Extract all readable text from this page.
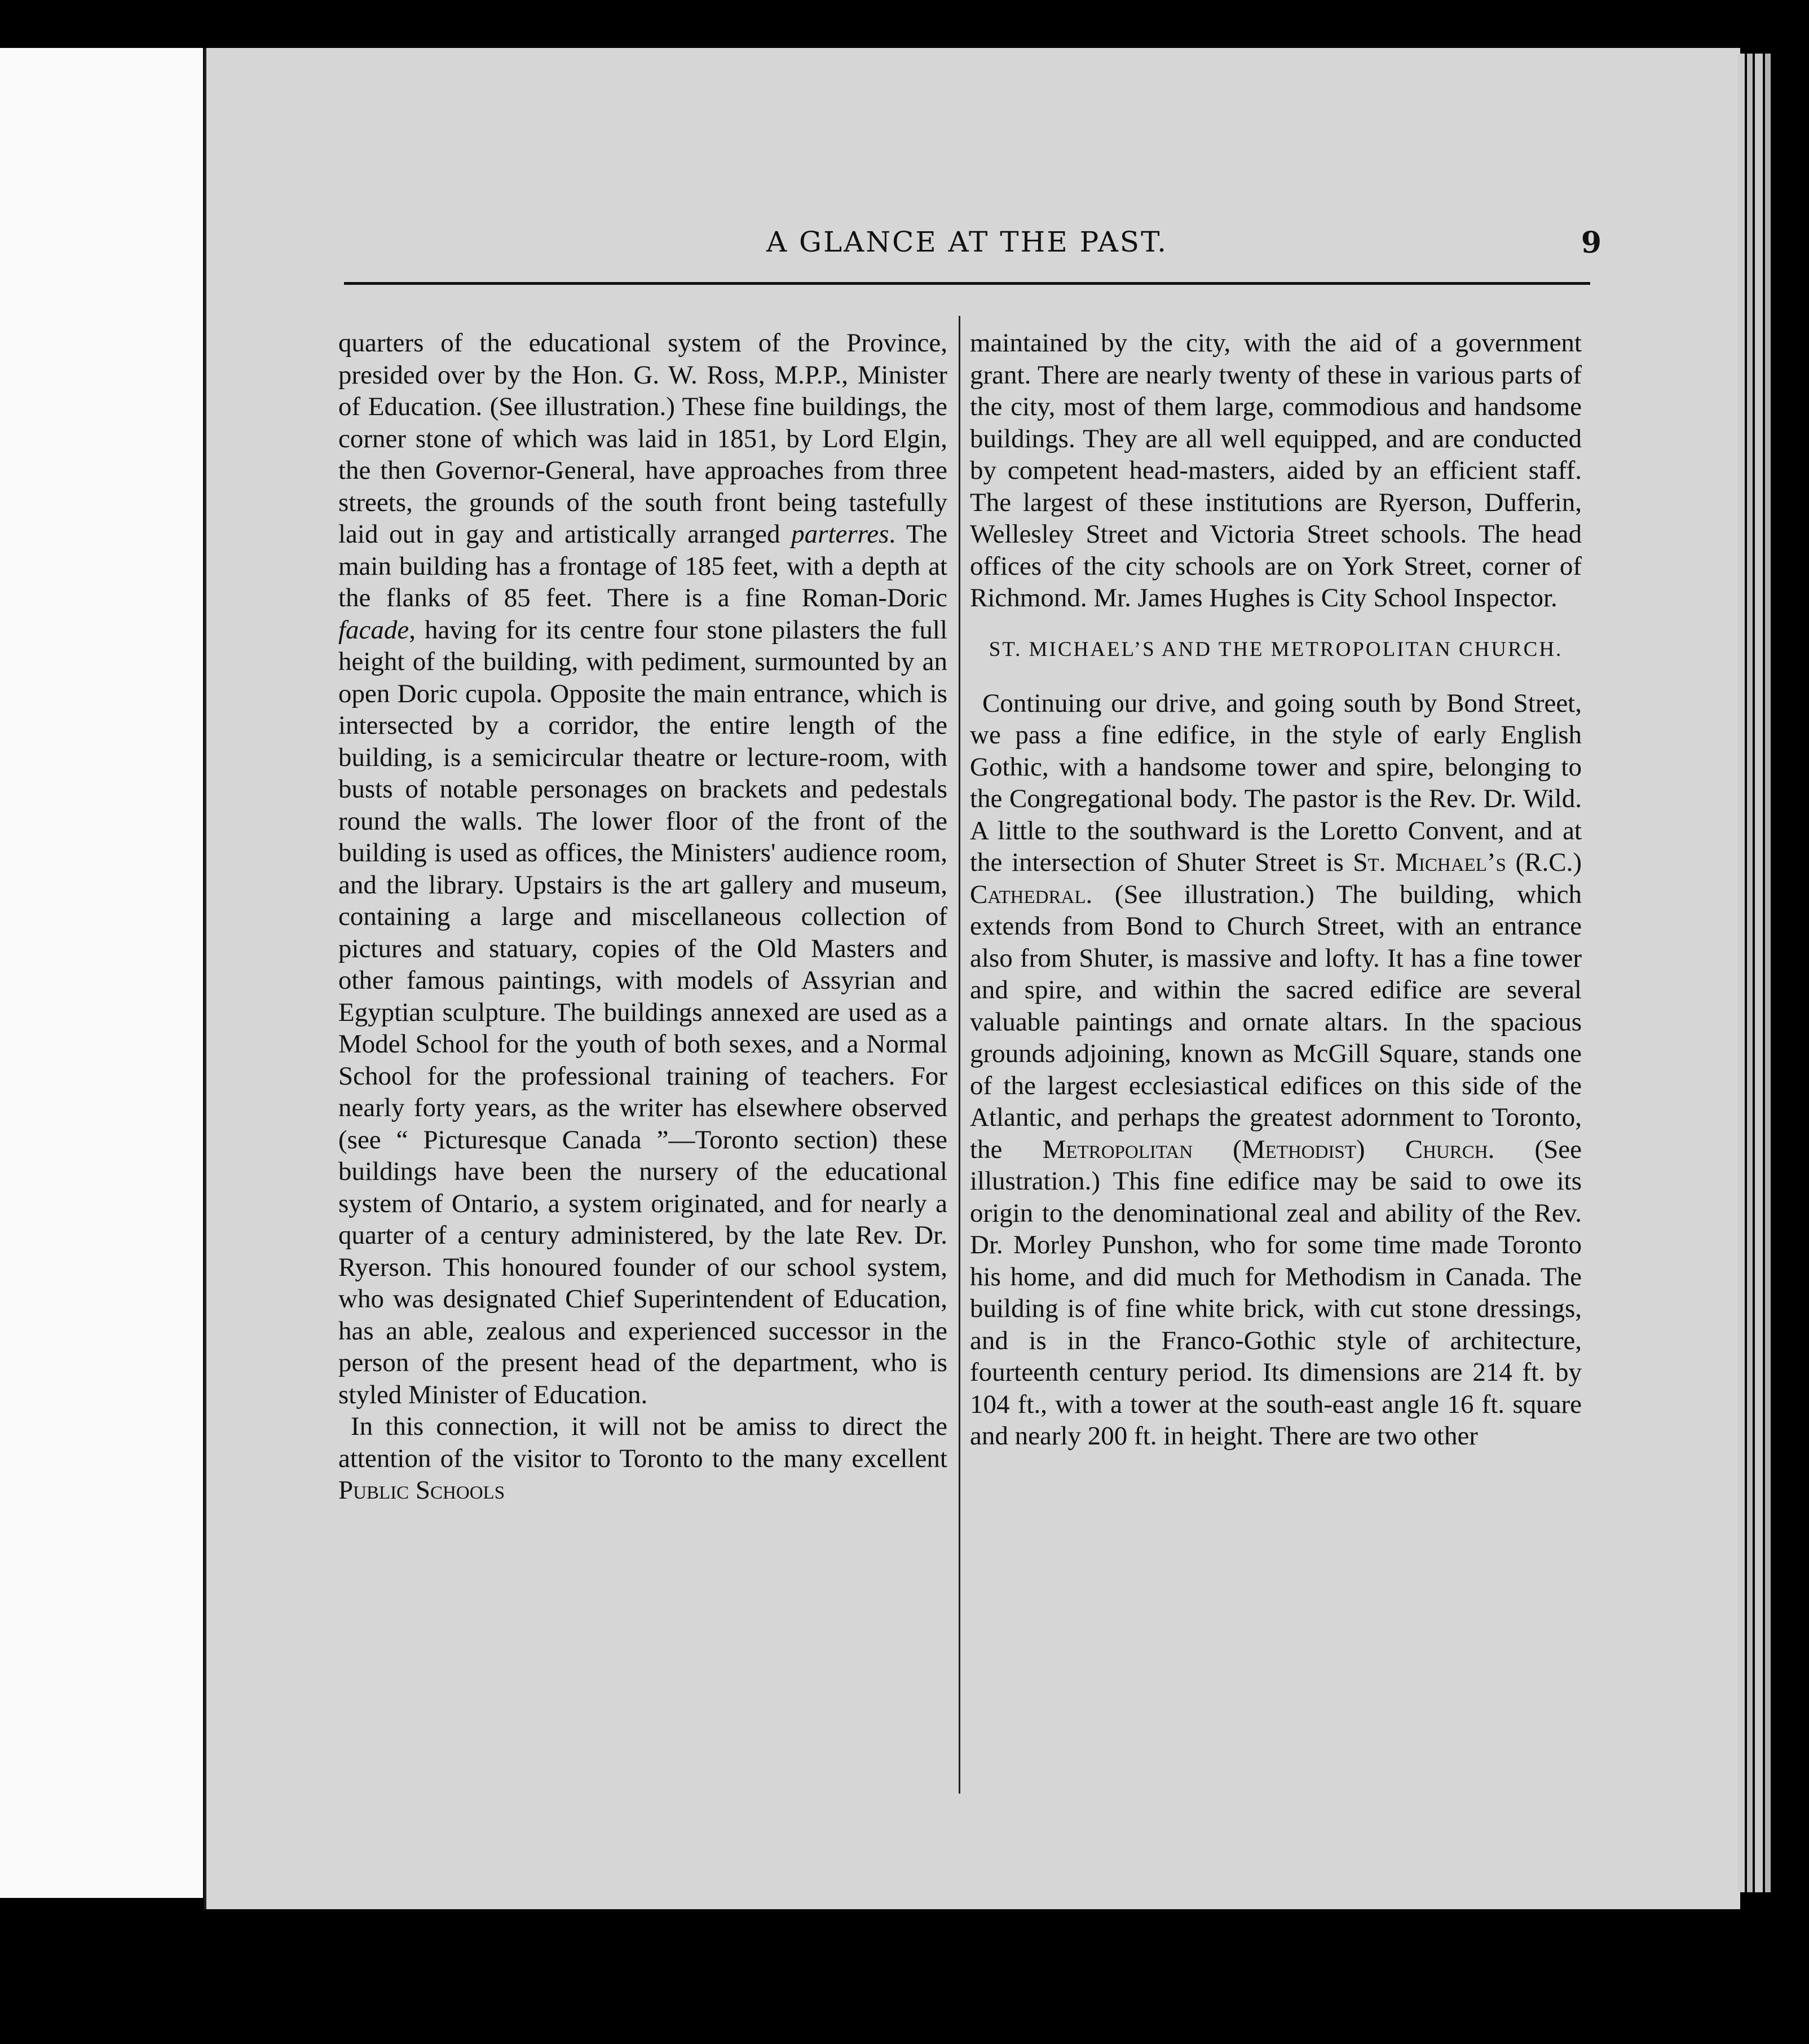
A GLANCE AT THE PAST.	9

quarters of the educational system of the Province, presided over by the Hon. G. W. Ross, M.P.P., Minister of Education. (See illustration.) These fine buildings, the corner stone of which was laid in 1851, by Lord Elgin, the then Governor-General, have approaches from three streets, the grounds of the south front being tastefully laid out in gay and artistically arranged parterres. The main building has a frontage of 185 feet, with a depth at the flanks of 85 feet. There is a fine Roman-Doric facade, having for its centre four stone pilasters the full height of the building, with pediment, surmounted by an open Doric cupola. Opposite the main entrance, which is intersected by a corridor, the entire length of the building, is a semicircular theatre or lecture-room, with busts of notable personages on brackets and pedestals round the walls. The lower floor of the front of the building is used as offices, the Ministers' audience room, and the library. Upstairs is the art gallery and museum, containing a large and miscellaneous collection of pictures and statuary, copies of the Old Masters and other famous paintings, with models of Assyrian and Egyptian sculpture. The buildings annexed are used as a Model School for the youth of both sexes, and a Normal School for the professional training of teachers. For nearly forty years, as the writer has elsewhere observed (see “ Picturesque Canada ”—Toronto section) these buildings have been the nursery of the educational system of Ontario, a system originated, and for nearly a quarter of a century administered, by the late Rev. Dr. Ryerson. This honoured founder of our school system, who was designated Chief Superintendent of Education, has an able, zealous and experienced successor in the person of the present head of the department, who is styled Minister of Education.

In this connection, it will not be amiss to direct the attention of the visitor to Toronto to the many excellent Public Schools

maintained by the city, with the aid of a government grant. There are nearly twenty of these in various parts of the city, most of them large, commodious and handsome buildings. They are all well equipped, and are conducted by competent head-masters, aided by an efficient staff. The largest of these institutions are Ryerson, Dufferin, Wellesley Street and Victoria Street schools. The head offices of the city schools are on York Street, corner of Richmond. Mr. James Hughes is City School Inspector.

ST. MICHAEL’S AND THE METROPOLITAN CHURCH.

Continuing our drive, and going south by Bond Street, we pass a fine edifice, in the style of early English Gothic, with a handsome tower and spire, belonging to the Congregational body. The pastor is the Rev. Dr. Wild. A little to the southward is the Loretto Convent, and at the intersection of Shuter Street is St. Michael’s (R.C.) Cathedral. (See illustration.) The building, which extends from Bond to Church Street, with an entrance also from Shuter, is massive and lofty. It has a fine tower and spire, and within the sacred edifice are several valuable paintings and ornate altars. In the spacious grounds adjoining, known as McGill Square, stands one of the largest ecclesiastical edifices on this side of the Atlantic, and perhaps the greatest adornment to Toronto, the Metropolitan (Methodist) Church. (See illustration.) This fine edifice may be said to owe its origin to the denominational zeal and ability of the Rev. Dr. Morley Punshon, who for some time made Toronto his home, and did much for Methodism in Canada. The building is of fine white brick, with cut stone dressings, and is in the Franco-Gothic style of architecture, fourteenth century period. Its dimensions are 214 ft. by 104 ft., with a tower at the south-east angle 16 ft. square and nearly 200 ft. in height. There are two other
